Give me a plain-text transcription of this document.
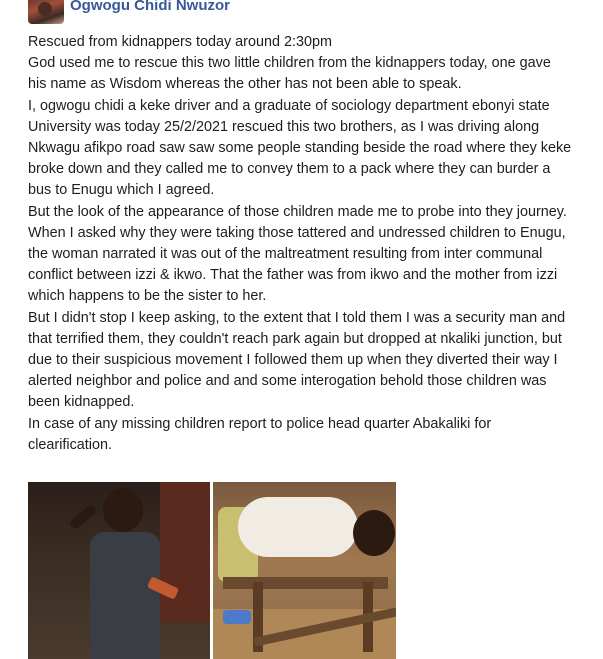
Ogwogu Chidi Nwuzor

Rescued from kidnappers today around 2:30pm

God used me to rescue this two little children from the kidnappers today, one gave his name as Wisdom whereas the other has not been able to speak.

I, ogwogu chidi a keke driver and a graduate of sociology department ebonyi state University was today 25/2/2021 rescued this two brothers, as I was driving along Nkwagu afikpo road saw saw some people standing beside the road where they keke broke down and they called me to convey them to a pack where they can burder a bus to Enugu which I agreed.

But the look of the appearance of those children made me to probe into they journey.

When I asked why they were taking those tattered and undressed children to Enugu, the woman narrated it was out of the maltreatment resulting from inter communal conflict between izzi & ikwo. That the father was from ikwo and the mother from izzi which happens to be the sister to her.

But I didn't stop I keep asking, to the extent that I told them I was a security man and that terrified them, they couldn't reach park again but dropped at nkaliki junction, but due to their suspicious movement I followed them up when they diverted their way I alerted neighbor and police and and some interogation behold those children was been kidnapped.

In case of any missing children report to police head quarter Abakaliki for clearification.
